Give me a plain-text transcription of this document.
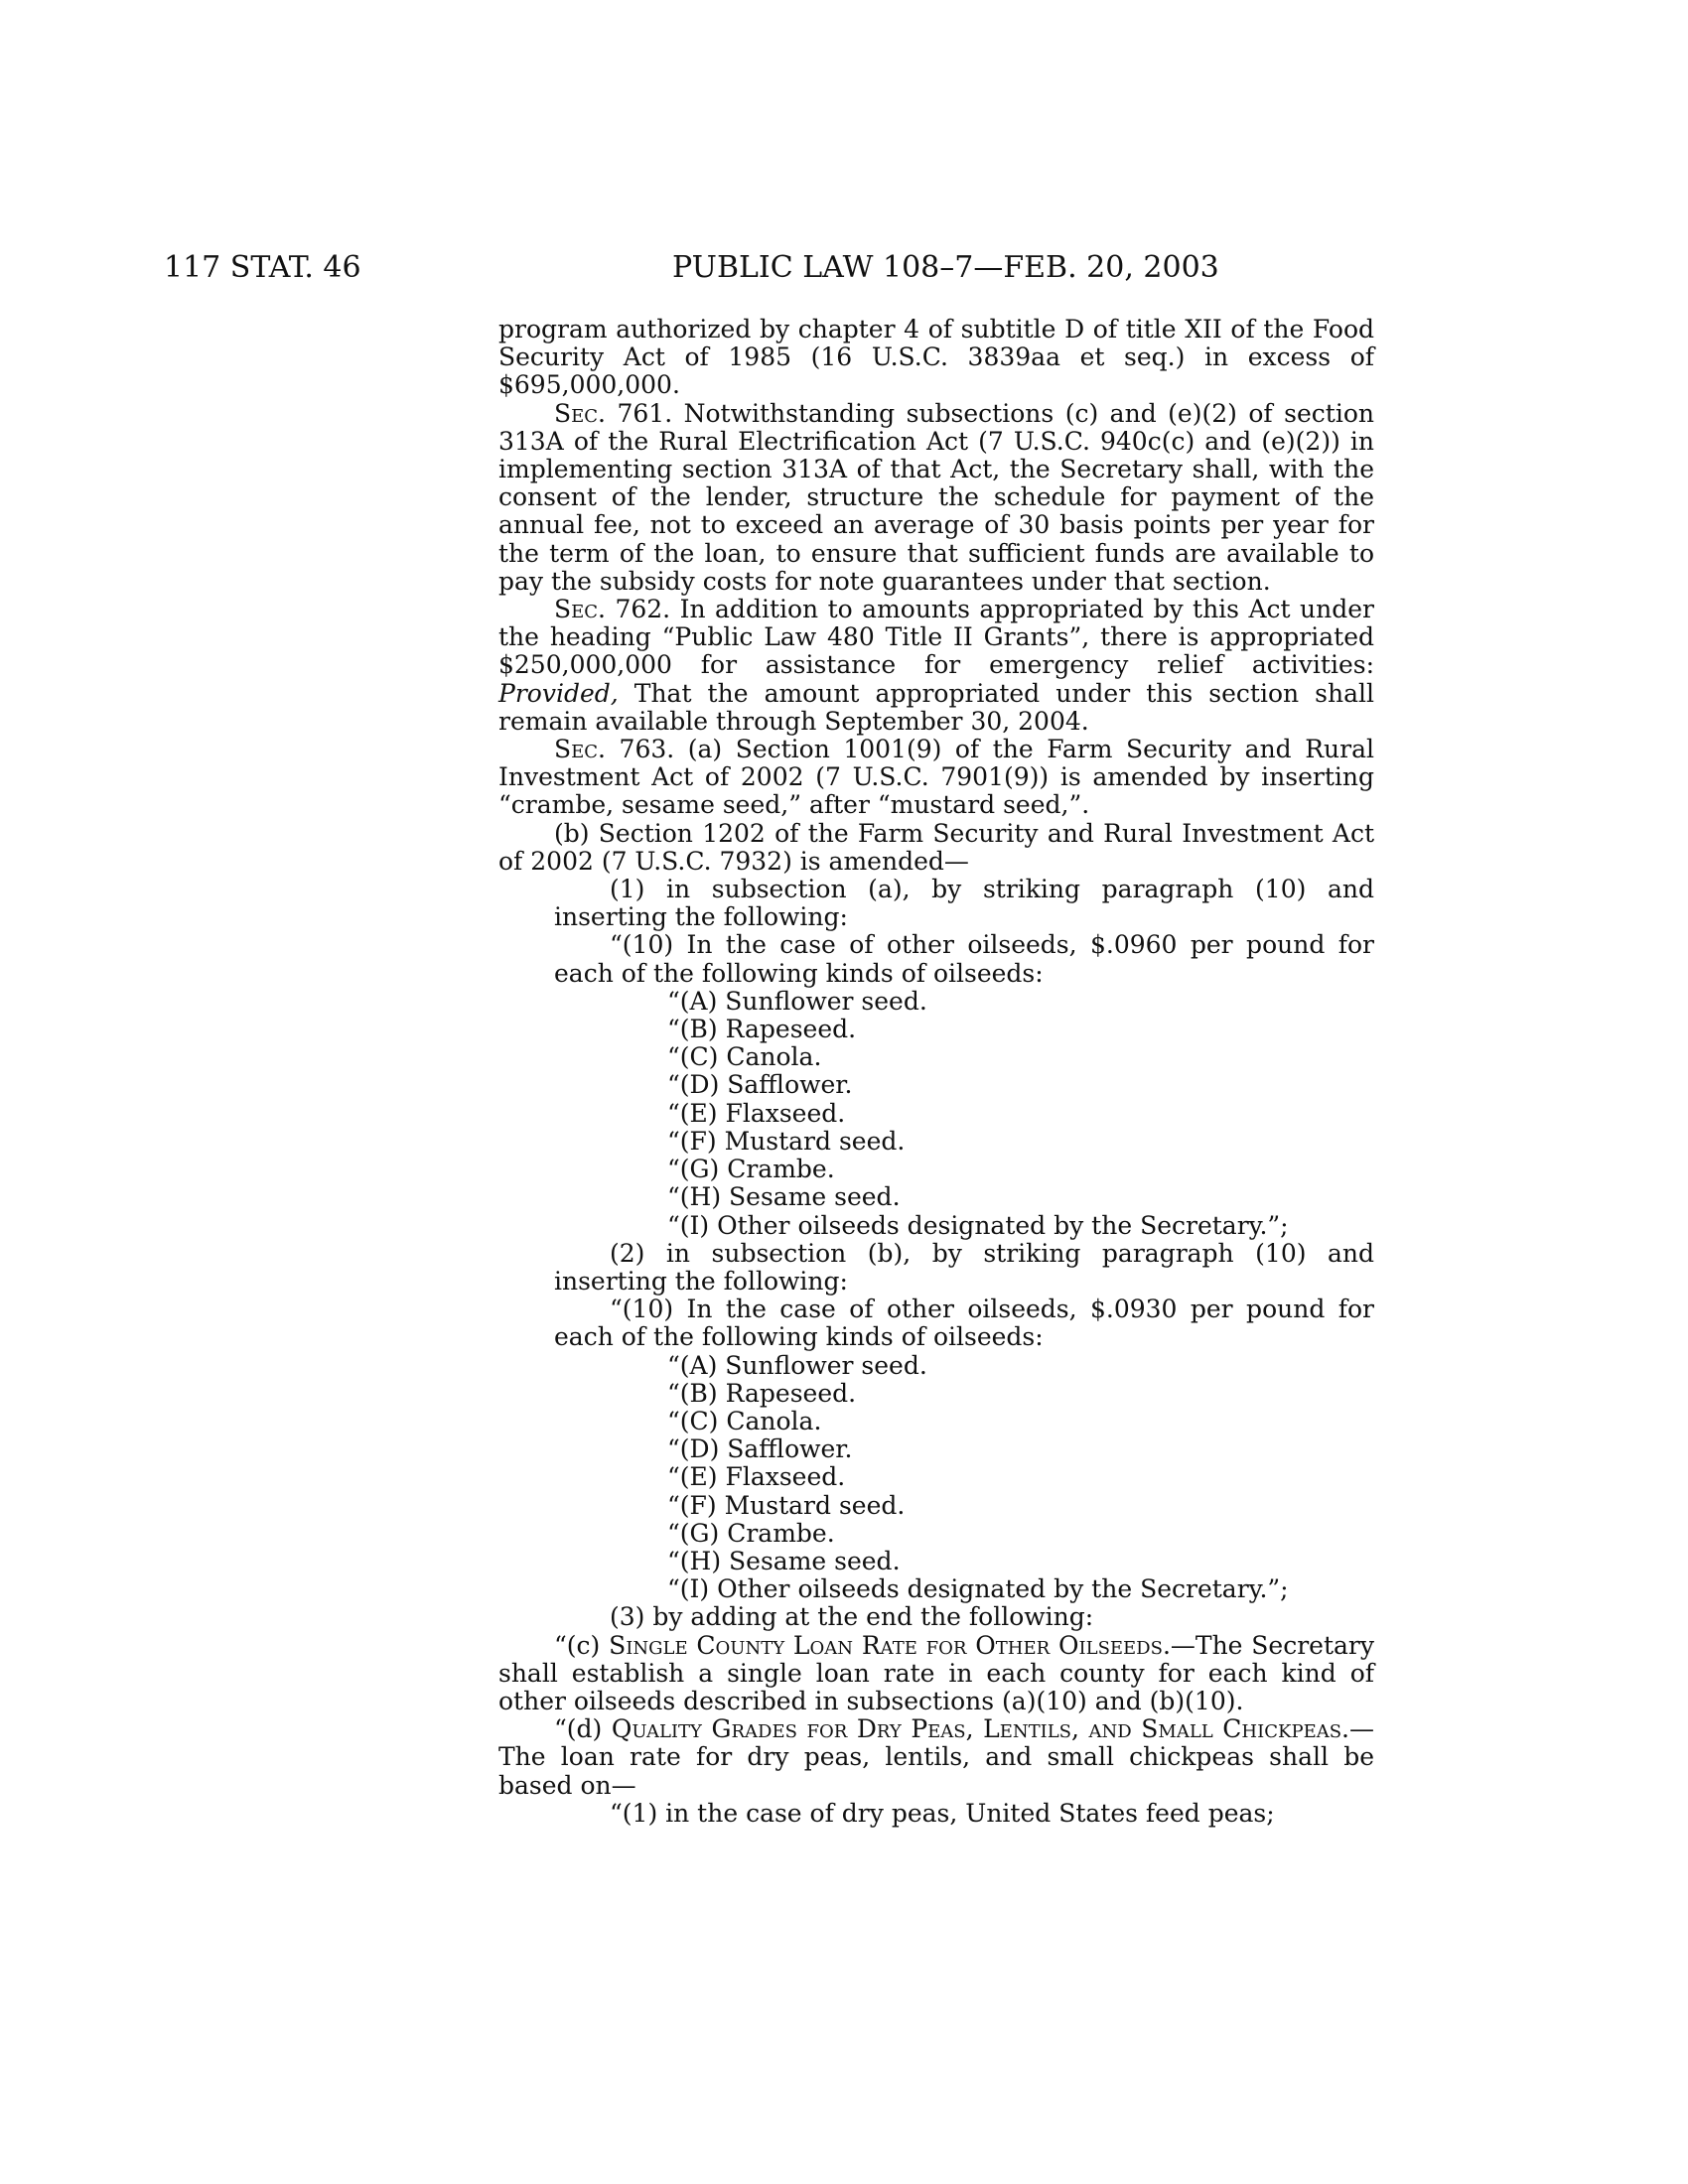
117 STAT. 46	PUBLIC LAW 108–7—FEB. 20, 2003

program authorized by chapter 4 of subtitle D of title XII of the Food Security Act of 1985 (16 U.S.C. 3839aa et seq.) in excess of $695,000,000.

Sec. 761. Notwithstanding subsections (c) and (e)(2) of section 313A of the Rural Electrification Act (7 U.S.C. 940c(c) and (e)(2)) in implementing section 313A of that Act, the Secretary shall, with the consent of the lender, structure the schedule for payment of the annual fee, not to exceed an average of 30 basis points per year for the term of the loan, to ensure that sufficient funds are available to pay the subsidy costs for note guarantees under that section.

Sec. 762. In addition to amounts appropriated by this Act under the heading “Public Law 480 Title II Grants”, there is appropriated $250,000,000 for assistance for emergency relief activities: Provided, That the amount appropriated under this section shall remain available through September 30, 2004.

Sec. 763. (a) Section 1001(9) of the Farm Security and Rural Investment Act of 2002 (7 U.S.C. 7901(9)) is amended by inserting “crambe, sesame seed,” after “mustard seed,”.

(b) Section 1202 of the Farm Security and Rural Investment Act of 2002 (7 U.S.C. 7932) is amended—

(1) in subsection (a), by striking paragraph (10) and inserting the following:

“(10) In the case of other oilseeds, $.0960 per pound for each of the following kinds of oilseeds:

“(A) Sunflower seed.

“(B) Rapeseed.

“(C) Canola.

“(D) Safflower.

“(E) Flaxseed.

“(F) Mustard seed.

“(G) Crambe.

“(H) Sesame seed.

“(I) Other oilseeds designated by the Secretary.”;

(2) in subsection (b), by striking paragraph (10) and inserting the following:

“(10) In the case of other oilseeds, $.0930 per pound for each of the following kinds of oilseeds:

“(A) Sunflower seed.

“(B) Rapeseed.

“(C) Canola.

“(D) Safflower.

“(E) Flaxseed.

“(F) Mustard seed.

“(G) Crambe.

“(H) Sesame seed.

“(I) Other oilseeds designated by the Secretary.”;

(3) by adding at the end the following:

“(c) Single County Loan Rate for Other Oilseeds.—The Secretary shall establish a single loan rate in each county for each kind of other oilseeds described in subsections (a)(10) and (b)(10).

“(d) Quality Grades for Dry Peas, Lentils, and Small Chickpeas.—The loan rate for dry peas, lentils, and small chickpeas shall be based on—

“(1) in the case of dry peas, United States feed peas;
